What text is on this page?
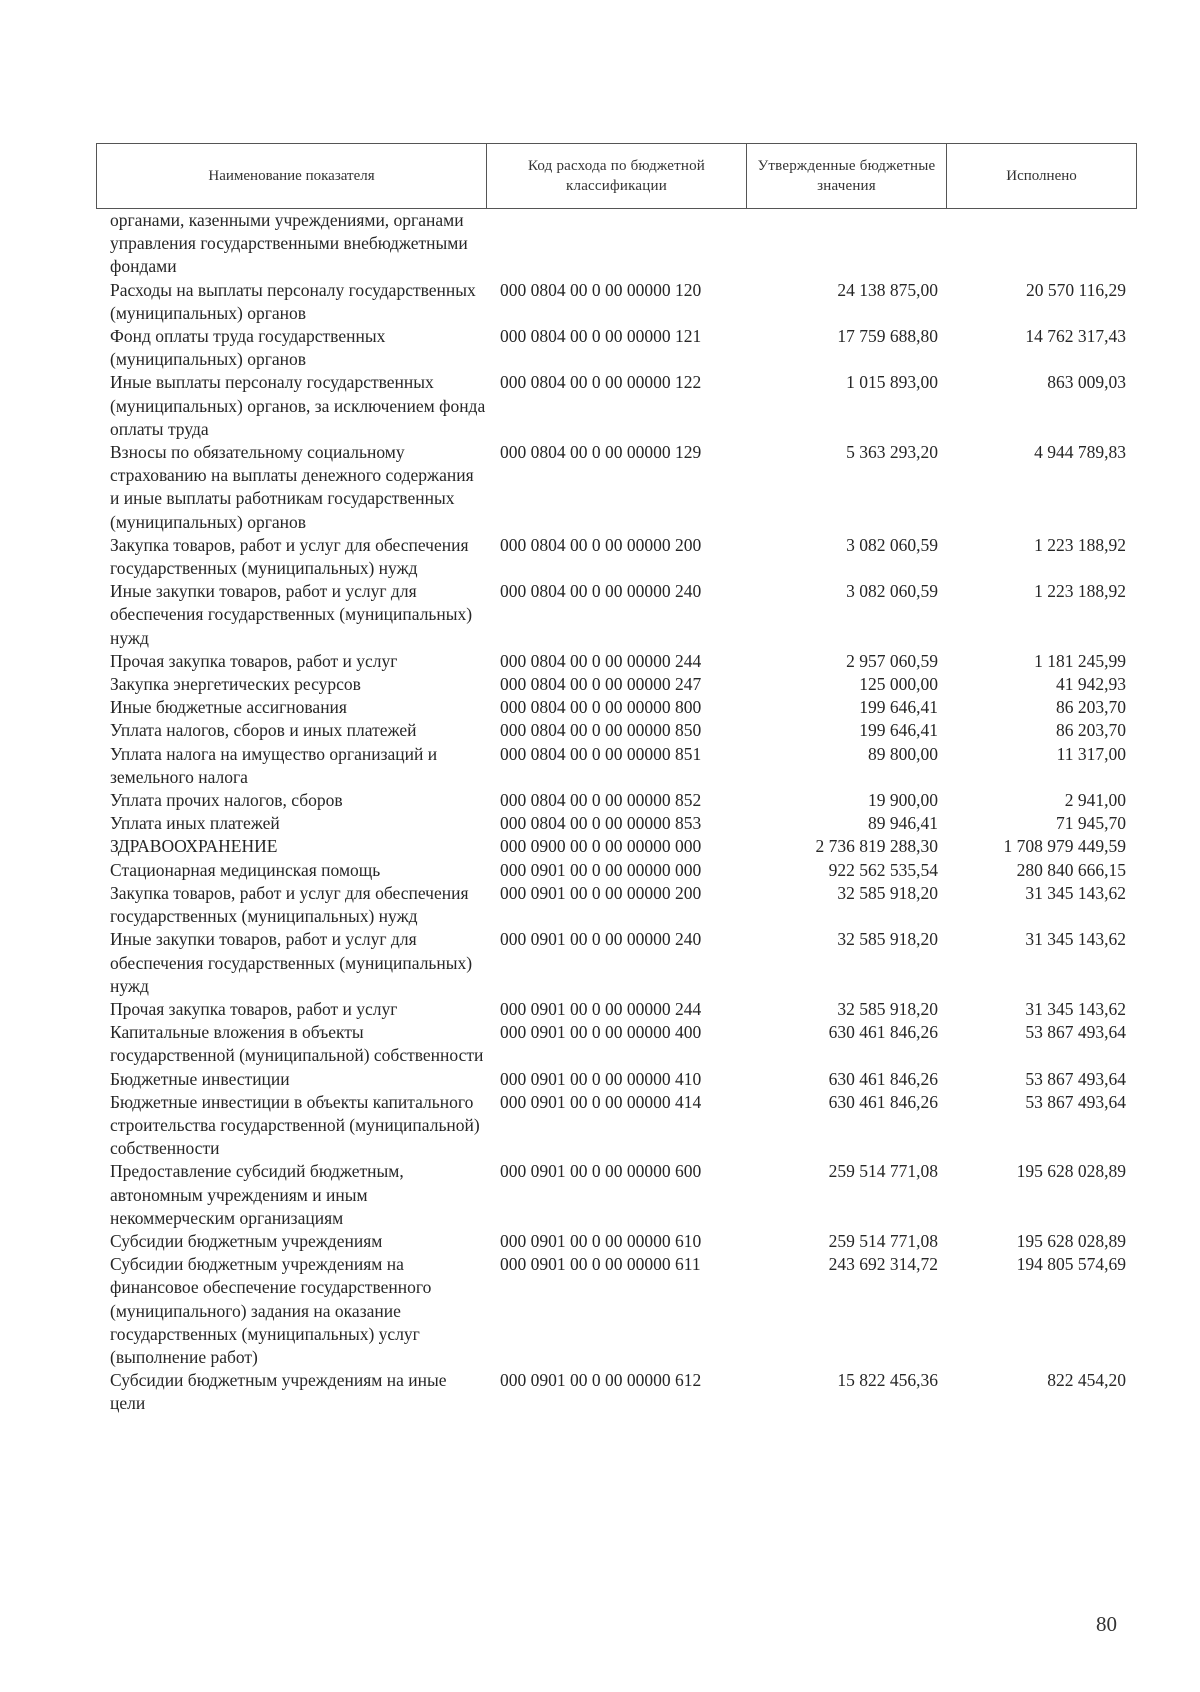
Наименование показателя	Код расхода по бюджетной классификации	Утвержденные бюджетные значения	Исполнено
органами, казенными учреждениями, органами управления государственными внебюджетными фондами			
Расходы на выплаты персоналу государственных (муниципальных) органов	000 0804 00 0 00 00000 120	24 138 875,00	20 570 116,29
Фонд оплаты труда государственных (муниципальных) органов	000 0804 00 0 00 00000 121	17 759 688,80	14 762 317,43
Иные выплаты персоналу государственных (муниципальных) органов, за исключением фонда оплаты труда	000 0804 00 0 00 00000 122	1 015 893,00	863 009,03
Взносы по обязательному социальному страхованию на выплаты денежного содержания и иные выплаты работникам государственных (муниципальных) органов	000 0804 00 0 00 00000 129	5 363 293,20	4 944 789,83
Закупка товаров, работ и услуг для обеспечения государственных (муниципальных) нужд	000 0804 00 0 00 00000 200	3 082 060,59	1 223 188,92
Иные закупки товаров, работ и услуг для обеспечения государственных (муниципальных) нужд	000 0804 00 0 00 00000 240	3 082 060,59	1 223 188,92
Прочая закупка товаров, работ и услуг	000 0804 00 0 00 00000 244	2 957 060,59	1 181 245,99
Закупка энергетических ресурсов	000 0804 00 0 00 00000 247	125 000,00	41 942,93
Иные бюджетные ассигнования	000 0804 00 0 00 00000 800	199 646,41	86 203,70
Уплата налогов, сборов и иных платежей	000 0804 00 0 00 00000 850	199 646,41	86 203,70
Уплата налога на имущество организаций и земельного налога	000 0804 00 0 00 00000 851	89 800,00	11 317,00
Уплата прочих налогов, сборов	000 0804 00 0 00 00000 852	19 900,00	2 941,00
Уплата иных платежей	000 0804 00 0 00 00000 853	89 946,41	71 945,70
ЗДРАВООХРАНЕНИЕ	000 0900 00 0 00 00000 000	2 736 819 288,30	1 708 979 449,59
Стационарная медицинская помощь	000 0901 00 0 00 00000 000	922 562 535,54	280 840 666,15
Закупка товаров, работ и услуг для обеспечения государственных (муниципальных) нужд	000 0901 00 0 00 00000 200	32 585 918,20	31 345 143,62
Иные закупки товаров, работ и услуг для обеспечения государственных (муниципальных) нужд	000 0901 00 0 00 00000 240	32 585 918,20	31 345 143,62
Прочая закупка товаров, работ и услуг	000 0901 00 0 00 00000 244	32 585 918,20	31 345 143,62
Капитальные вложения в объекты государственной (муниципальной) собственности	000 0901 00 0 00 00000 400	630 461 846,26	53 867 493,64
Бюджетные инвестиции	000 0901 00 0 00 00000 410	630 461 846,26	53 867 493,64
Бюджетные инвестиции в объекты капитального строительства государственной (муниципальной) собственности	000 0901 00 0 00 00000 414	630 461 846,26	53 867 493,64
Предоставление субсидий бюджетным, автономным учреждениям и иным некоммерческим организациям	000 0901 00 0 00 00000 600	259 514 771,08	195 628 028,89
Субсидии бюджетным учреждениям	000 0901 00 0 00 00000 610	259 514 771,08	195 628 028,89
Субсидии бюджетным учреждениям на финансовое обеспечение государственного (муниципального) задания на оказание государственных (муниципальных) услуг (выполнение работ)	000 0901 00 0 00 00000 611	243 692 314,72	194 805 574,69
Субсидии бюджетным учреждениям на иные цели	000 0901 00 0 00 00000 612	15 822 456,36	822 454,20
80
